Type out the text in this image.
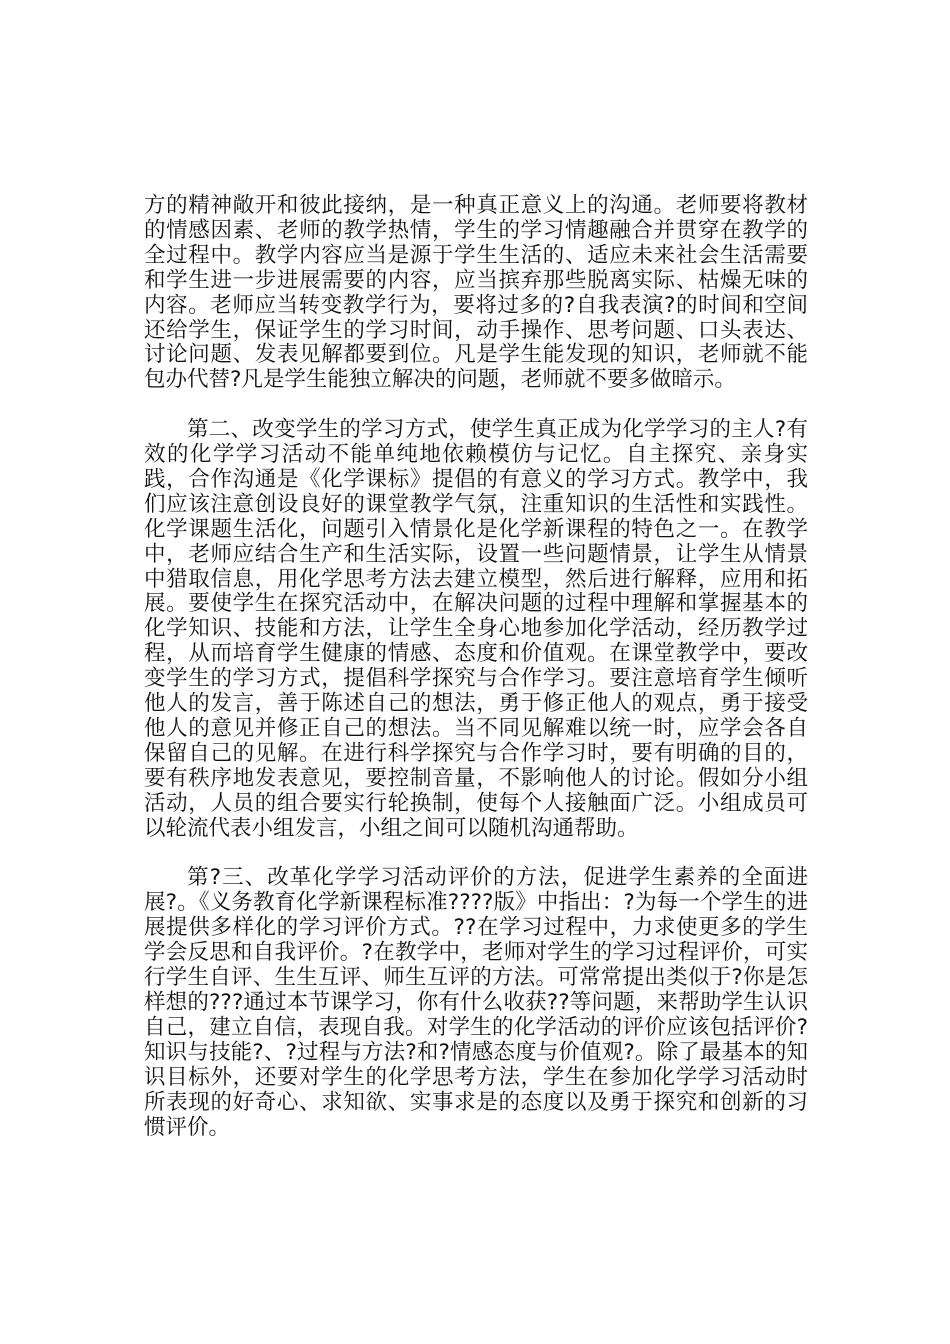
方的精神敞开和彼此接纳，是一种真正意义上的沟通。老师要将教材的情感因素、老师的教学热情，学生的学习情趣融合并贯穿在教学的全过程中。教学内容应当是源于学生生活的、适应未来社会生活需要和学生进一步进展需要的内容，应当摈弃那些脱离实际、枯燥无味的内容。老师应当转变教学行为，要将过多的?自我表演?的时间和空间还给学生，保证学生的学习时间，动手操作、思考问题、口头表达、讨论问题、发表见解都要到位。凡是学生能发现的知识，老师就不能包办代替?凡是学生能独立解决的问题，老师就不要多做暗示。

第二、改变学生的学习方式，使学生真正成为化学学习的主人?有效的化学学习活动不能单纯地依赖模仿与记忆。自主探究、亲身实践，合作沟通是《化学课标》提倡的有意义的学习方式。教学中，我们应该注意创设良好的课堂教学气氛，注重知识的生活性和实践性。化学课题生活化，问题引入情景化是化学新课程的特色之一。在教学中，老师应结合生产和生活实际，设置一些问题情景，让学生从情景中猎取信息，用化学思考方法去建立模型，然后进行解释，应用和拓展。要使学生在探究活动中，在解决问题的过程中理解和掌握基本的化学知识、技能和方法，让学生全身心地参加化学活动，经历教学过程，从而培育学生健康的情感、态度和价值观。在课堂教学中，要改变学生的学习方式，提倡科学探究与合作学习。要注意培育学生倾听他人的发言，善于陈述自己的想法，勇于修正他人的观点，勇于接受他人的意见并修正自己的想法。当不同见解难以统一时，应学会各自保留自己的见解。在进行科学探究与合作学习时，要有明确的目的，要有秩序地发表意见，要控制音量，不影响他人的讨论。假如分小组活动，人员的组合要实行轮换制，使每个人接触面广泛。小组成员可以轮流代表小组发言，小组之间可以随机沟通帮助。

第?三、改革化学学习活动评价的方法，促进学生素养的全面进展?。《义务教育化学新课程标准????版》中指出：?为每一个学生的进展提供多样化的学习评价方式。??在学习过程中，力求使更多的学生学会反思和自我评价。?在教学中，老师对学生的学习过程评价，可实行学生自评、生生互评、师生互评的方法。可常常提出类似于?你是怎样想的???通过本节课学习，你有什么收获??等问题，来帮助学生认识自己，建立自信，表现自我。对学生的化学活动的评价应该包括评价?知识与技能?、?过程与方法?和?情感态度与价值观?。除了最基本的知识目标外，还要对学生的化学思考方法，学生在参加化学学习活动时所表现的好奇心、求知欲、实事求是的态度以及勇于探究和创新的习惯评价。
